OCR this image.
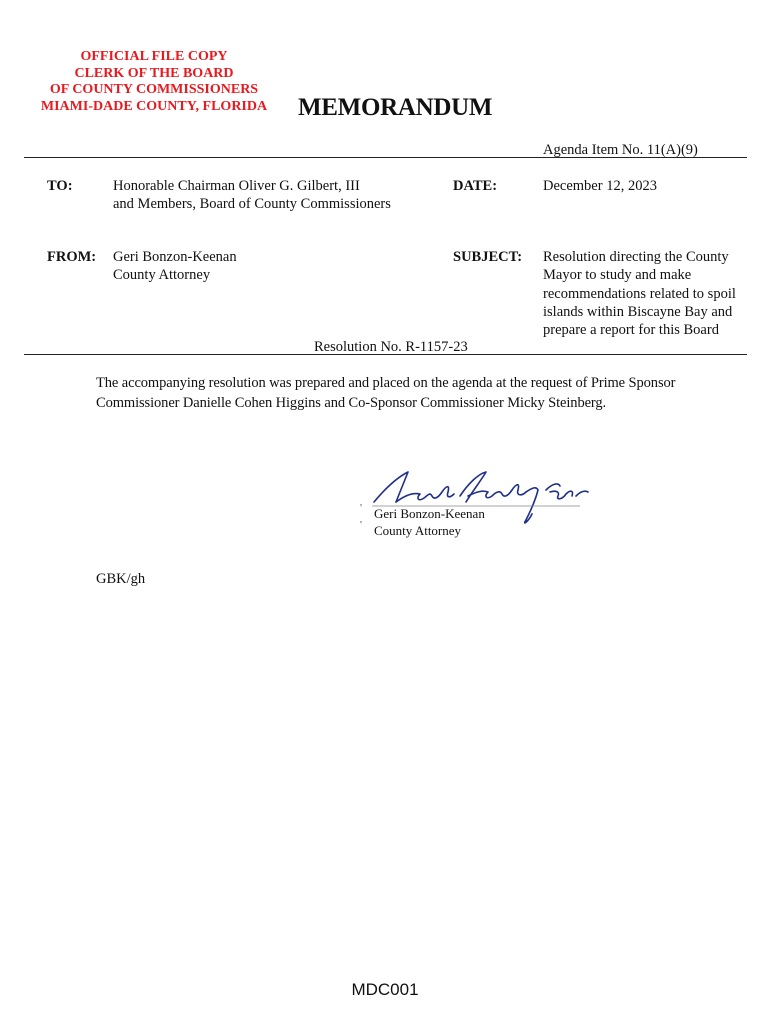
OFFICIAL FILE COPY
CLERK OF THE BOARD
OF COUNTY COMMISSIONERS
MIAMI-DADE COUNTY, FLORIDA	MEMORANDUM
Agenda Item No. 11(A)(9)
TO:	Honorable Chairman Oliver G. Gilbert, III
and Members, Board of County Commissioners
DATE:	December 12, 2023
FROM: Geri Bonzon-Keenan
County Attorney
SUBJECT: Resolution directing the County
Mayor to study and make
recommendations related to spoil
islands within Biscayne Bay and
prepare a report for this Board
Resolution No. R-1157-23
The accompanying resolution was prepared and placed on the agenda at the request of Prime Sponsor
Commissioner Danielle Cohen Higgins and Co-Sponsor Commissioner Micky Steinberg.
'
'
Geri Bonzon-Keenan
County Attorney
GBK/gh
MDC001
